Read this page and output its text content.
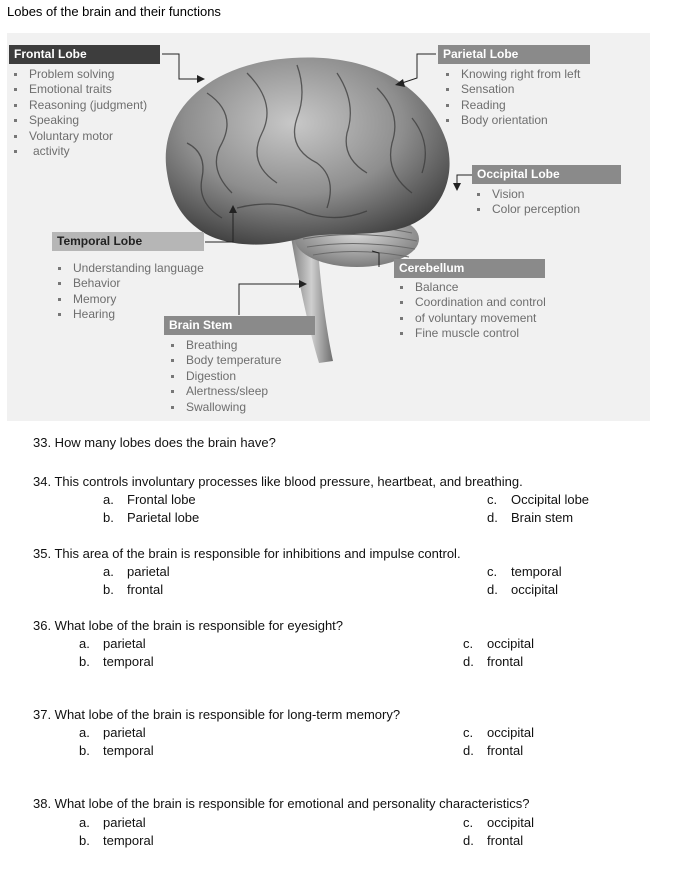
Lobes of the brain and their functions
Frontal Lobe
Problem solving
Emotional traits
Reasoning (judgment)
Speaking
Voluntary motor
activity
Parietal Lobe
Knowing right from left
Sensation
Reading
Body orientation
Occipital Lobe
Vision
Color perception
Temporal Lobe
Understanding language
Behavior
Memory
Hearing
Cerebellum
Balance
Coordination and control
of voluntary movement
Fine muscle control
Brain Stem
Breathing
Body temperature
Digestion
Alertness/sleep
Swallowing
33. How many lobes does the brain have?
34. This controls involuntary processes like blood pressure, heartbeat, and breathing.
a. Frontal lobe
b. Parietal lobe
c. Occipital lobe
d. Brain stem
35. This area of the brain is responsible for inhibitions and impulse control.
a. parietal
b. frontal
c. temporal
d. occipital
36. What lobe of the brain is responsible for eyesight?
a. parietal
b. temporal
c. occipital
d. frontal
37. What lobe of the brain is responsible for long-term memory?
a. parietal
b. temporal
c. occipital
d. frontal
38. What lobe of the brain is responsible for emotional and personality characteristics?
a. parietal
b. temporal
c. occipital
d. frontal
